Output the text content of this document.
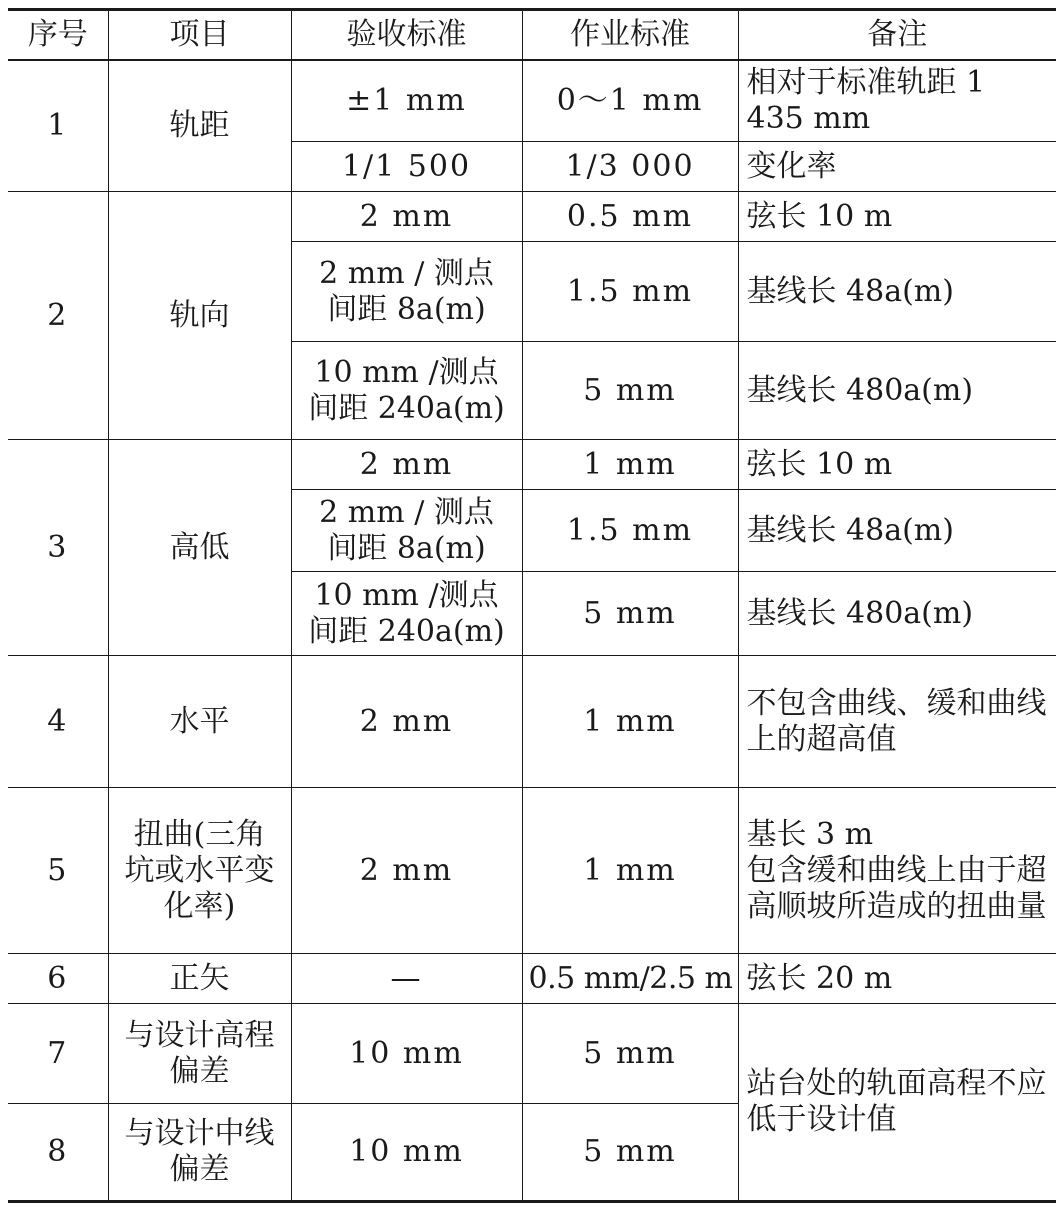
序号	项目	验收标准	作业标准	备注
1	轨距	±1 mm	0～1 mm	相对于标准轨距 1 435 mm
		1/1 500	1/3 000	变化率
2	轨向	2 mm	0.5 mm	弦长 10 m
		2 mm / 测点间距 8a(m)	1.5 mm	基线长 48a(m)
		10 mm /测点间距 240a(m)	5 mm	基线长 480a(m)
3	高低	2 mm	1 mm	弦长 10 m
		2 mm / 测点间距 8a(m)	1.5 mm	基线长 48a(m)
		10 mm /测点间距 240a(m)	5 mm	基线长 480a(m)
4	水平	2 mm	1 mm	不包含曲线、缓和曲线上的超高值
5	扭曲(三角坑或水平变化率)	2 mm	1 mm	基长 3 m
包含缓和曲线上由于超高顺坡所造成的扭曲量

6	正矢	—	0.5 mm/2.5 m	弦长 20 m
7	与设计高程偏差	10 mm	5 mm	站台处的轨面高程不应低于设计值
8	与设计中线偏差	10 mm	5 mm	
